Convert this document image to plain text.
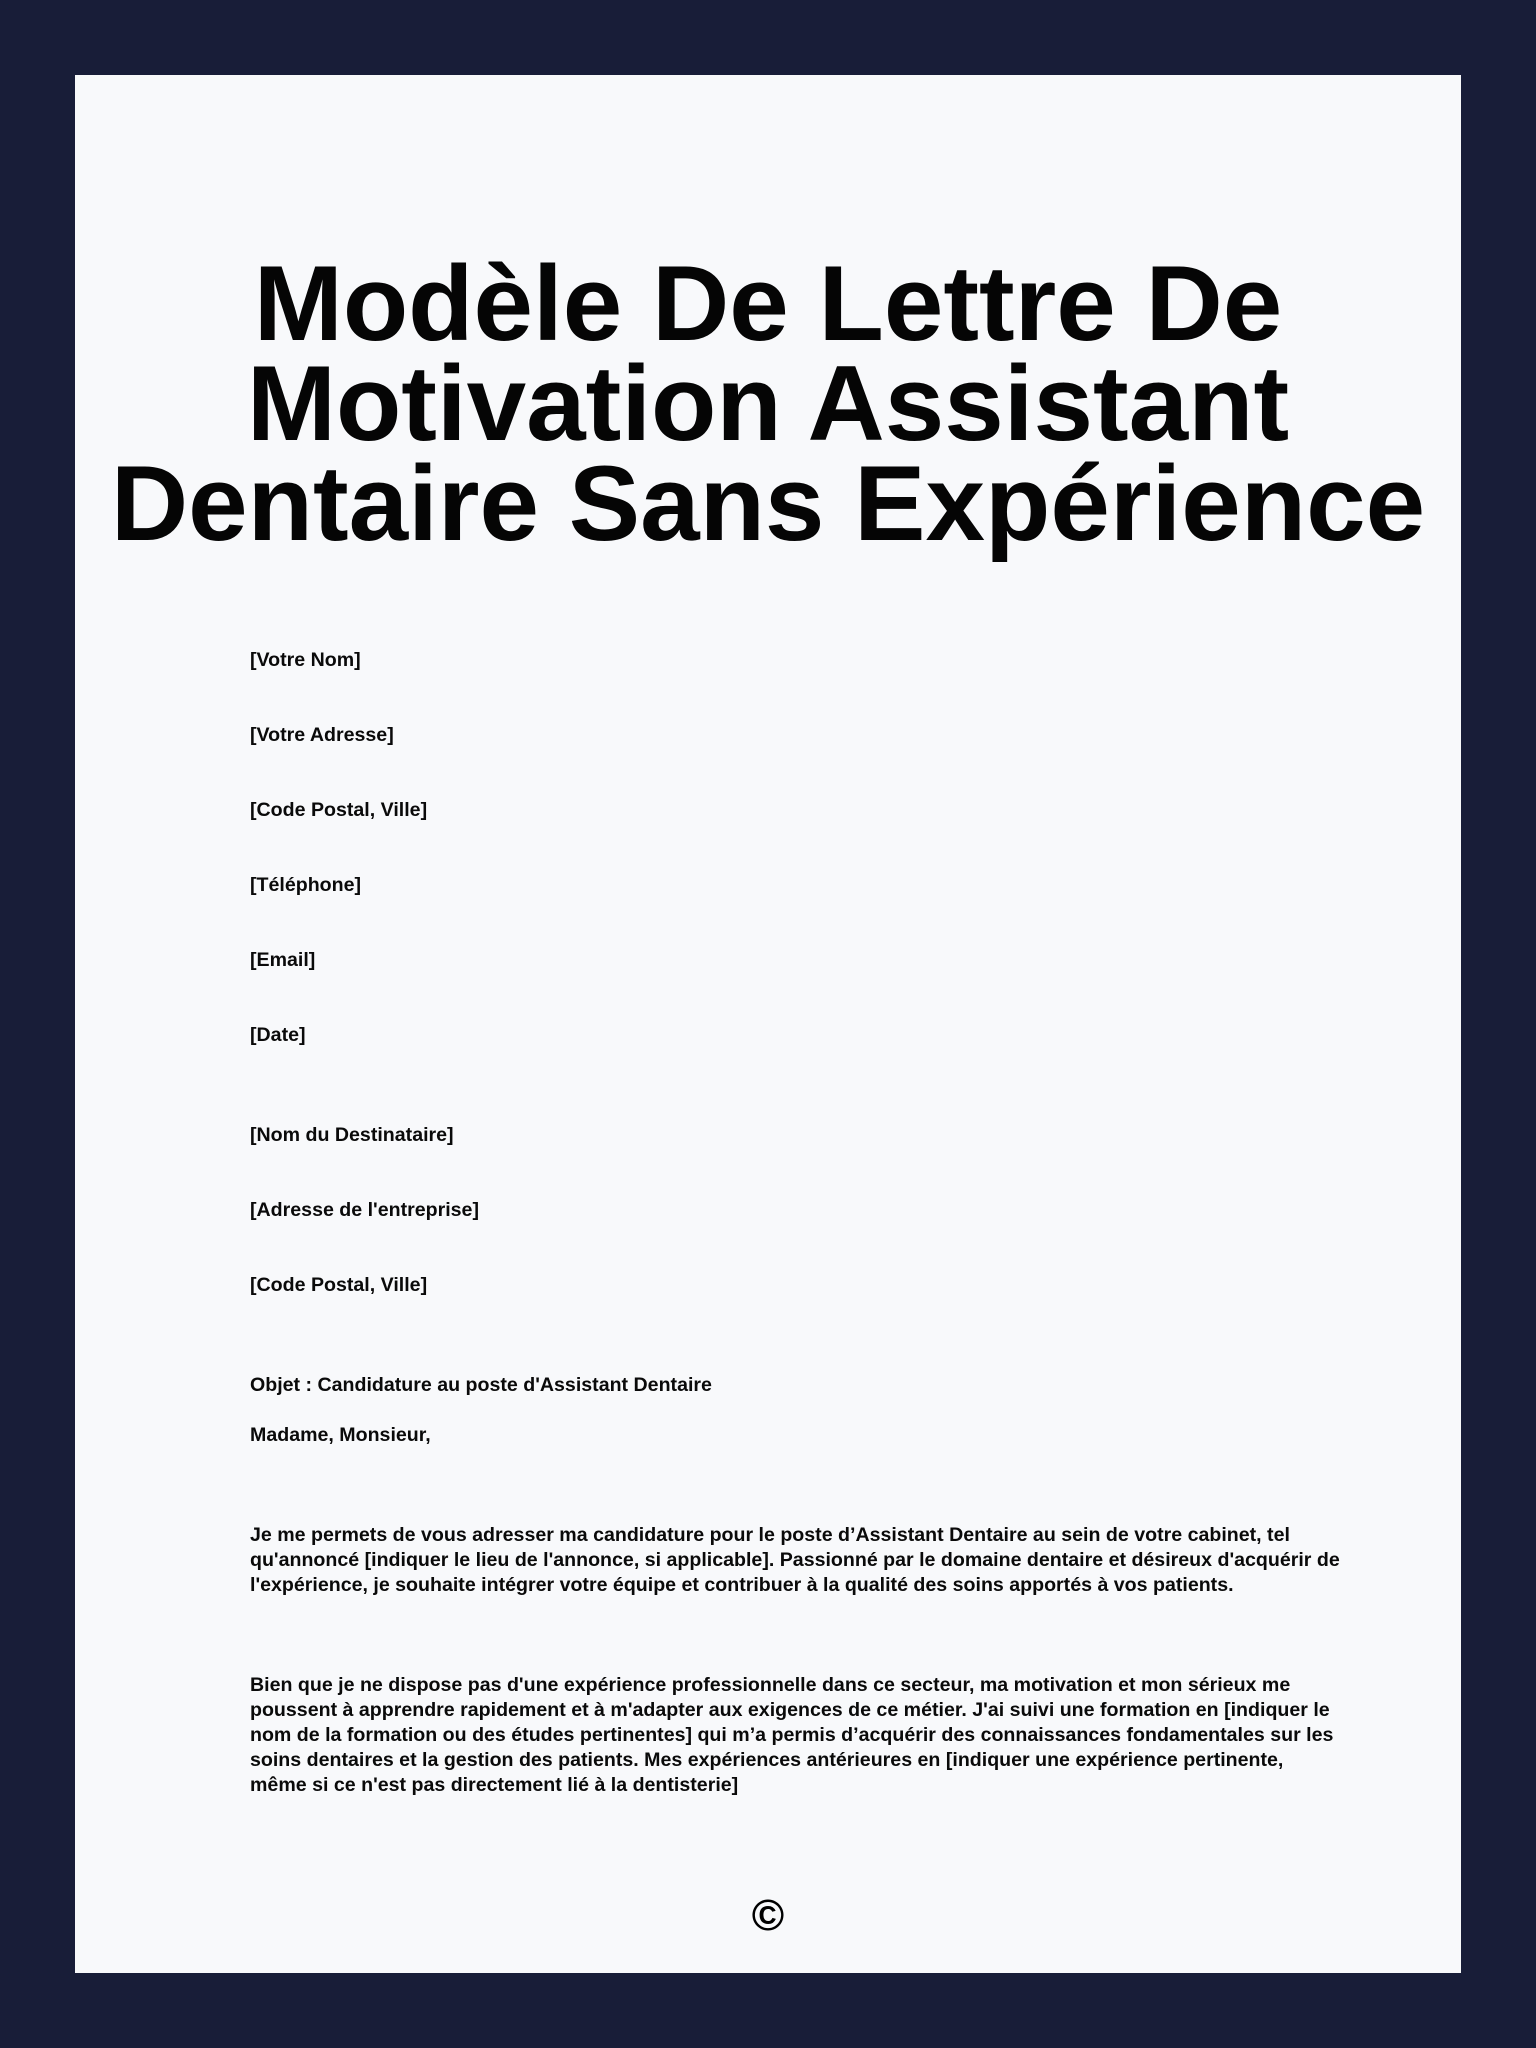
Modèle De Lettre De Motivation Assistant Dentaire Sans Expérience
[Votre Nom]
[Votre Adresse]
[Code Postal, Ville]
[Téléphone]
[Email]
[Date]
[Nom du Destinataire]
[Adresse de l'entreprise]
[Code Postal, Ville]
Objet : Candidature au poste d'Assistant Dentaire
Madame, Monsieur,
Je me permets de vous adresser ma candidature pour le poste d’Assistant Dentaire au sein de votre cabinet, tel qu'annoncé [indiquer le lieu de l'annonce, si applicable]. Passionné par le domaine dentaire et désireux d'acquérir de l'expérience, je souhaite intégrer votre équipe et contribuer à la qualité des soins apportés à vos patients.
Bien que je ne dispose pas d'une expérience professionnelle dans ce secteur, ma motivation et mon sérieux me poussent à apprendre rapidement et à m'adapter aux exigences de ce métier. J'ai suivi une formation en [indiquer le nom de la formation ou des études pertinentes] qui m’a permis d’acquérir des connaissances fondamentales sur les soins dentaires et la gestion des patients. Mes expériences antérieures en [indiquer une expérience pertinente, même si ce n'est pas directement lié à la dentisterie]
©
